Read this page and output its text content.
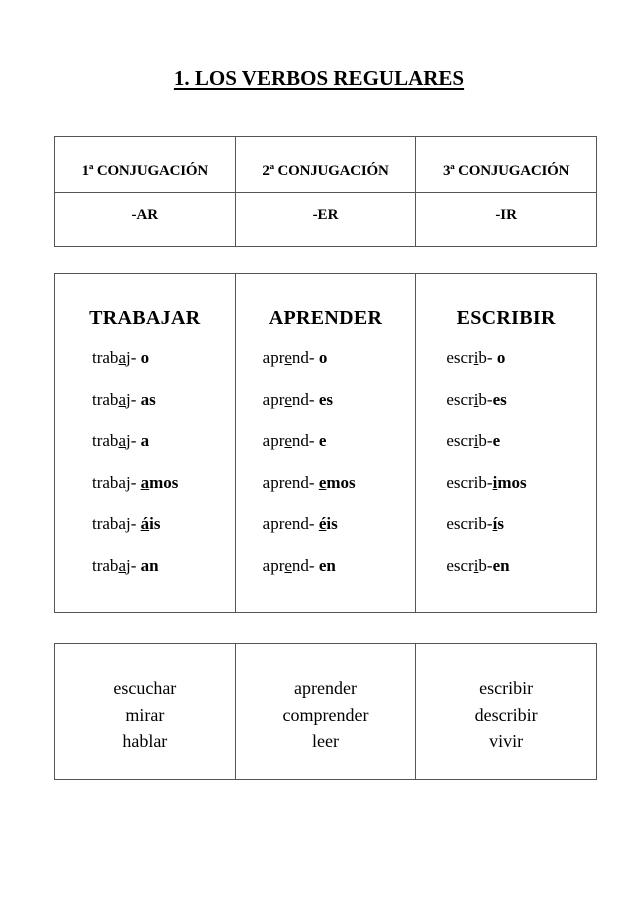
1. LOS VERBOS REGULARES
1ª CONJUGACIÓN	2ª CONJUGACIÓN	3ª CONJUGACIÓN
-AR	-ER	-IR
TRABAJAR
trabaj- o
trabaj- as
trabaj- a
trabaj- amos
trabaj- áis
trabaj- an

APRENDER
aprend- o
aprend- es
aprend- e
aprend- emos
aprend- éis
aprend- en

ESCRIBIR
escrib- o
escrib-es
escrib-e
escrib-imos
escrib-ís
escrib-en
escuchar
mirar
hablar

aprender
comprender
leer

escribir
describir
vivir
